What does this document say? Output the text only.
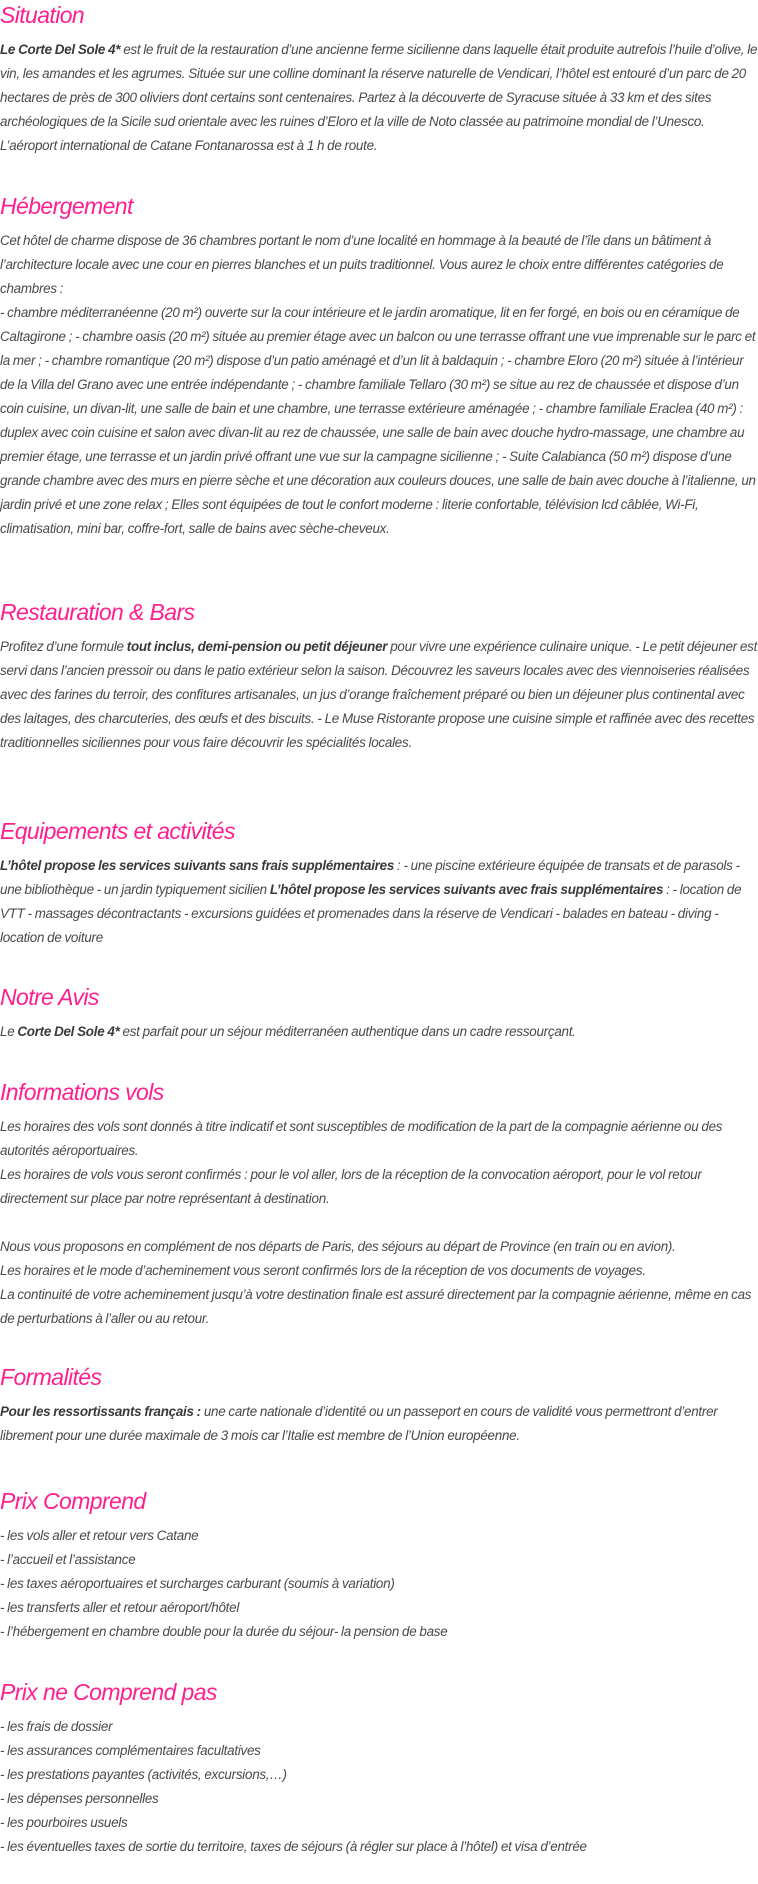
Situation
Le Corte Del Sole 4* est le fruit de la restauration d’une ancienne ferme sicilienne dans laquelle était produite autrefois l’huile d’olive, le vin, les amandes et les agrumes. Située sur une colline dominant la réserve naturelle de Vendicari, l’hôtel est entouré d’un parc de 20 hectares de près de 300 oliviers dont certains sont centenaires. Partez à la découverte de Syracuse située à 33 km et des sites archéologiques de la Sicile sud orientale avec les ruines d’Eloro et la ville de Noto classée au patrimoine mondial de l’Unesco. L’aéroport international de Catane Fontanarossa est à 1 h de route.
Hébergement

Cet hôtel de charme dispose de 36 chambres portant le nom d’une localité en hommage à la beauté de l’île dans un bâtiment à l’architecture locale avec une cour en pierres blanches et un puits traditionnel. Vous aurez le choix entre différentes catégories de chambres :

- chambre méditerranéenne (20 m²) ouverte sur la cour intérieure et le jardin aromatique, lit en fer forgé, en bois ou en céramique de Caltagirone ; - chambre oasis (20 m²) située au premier étage avec un balcon ou une terrasse offrant une vue imprenable sur le parc et la mer ; - chambre romantique (20 m²) dispose d’un patio aménagé et d’un lit à baldaquin ; - chambre Eloro (20 m²) située à l’intérieur de la Villa del Grano avec une entrée indépendante ; - chambre familiale Tellaro (30 m²) se situe au rez de chaussée et dispose d’un coin cuisine, un divan-lit, une salle de bain et une chambre, une terrasse extérieure aménagée ; - chambre familiale Eraclea (40 m²) : duplex avec coin cuisine et salon avec divan-lit au rez de chaussée, une salle de bain avec douche hydro-massage, une chambre au premier étage, une terrasse et un jardin privé offrant une vue sur la campagne sicilienne ; - Suite Calabianca (50 m²) dispose d’une grande chambre avec des murs en pierre sèche et une décoration aux couleurs douces, une salle de bain avec douche à l’italienne, un jardin privé et une zone relax ; Elles sont équipées de tout le confort moderne : literie confortable, télévision lcd câblée, Wi-Fi, climatisation, mini bar, coffre-fort, salle de bains avec sèche-cheveux.

Restauration & Bars
Profitez d’une formule tout inclus, demi-pension ou petit déjeuner pour vivre une expérience culinaire unique. - Le petit déjeuner est servi dans l’ancien pressoir ou dans le patio extérieur selon la saison. Découvrez les saveurs locales avec des viennoiseries réalisées avec des farines du terroir, des confitures artisanales, un jus d’orange fraîchement préparé ou bien un déjeuner plus continental avec des laitages, des charcuteries, des œufs et des biscuits. - Le Muse Ristorante propose une cuisine simple et raffinée avec des recettes traditionnelles siciliennes pour vous faire découvrir les spécialités locales.
Equipements et activités
L’hôtel propose les services suivants sans frais supplémentaires : - une piscine extérieure équipée de transats et de parasols - une bibliothèque - un jardin typiquement sicilien L’hôtel propose les services suivants avec frais supplémentaires : - location de VTT - massages décontractants - excursions guidées et promenades dans la réserve de Vendicari - balades en bateau - diving - location de voiture
Notre Avis
Le Corte Del Sole 4* est parfait pour un séjour méditerranéen authentique dans un cadre ressourçant.
Informations vols

Les horaires des vols sont donnés à titre indicatif et sont susceptibles de modification de la part de la compagnie aérienne ou des autorités aéroportuaires.

Les horaires de vols vous seront confirmés : pour le vol aller, lors de la réception de la convocation aéroport, pour le vol retour directement sur place par notre représentant à destination.

Nous vous proposons en complément de nos départs de Paris, des séjours au départ de Province (en train ou en avion).

Les horaires et le mode d’acheminement vous seront confirmés lors de la réception de vos documents de voyages.

La continuité de votre acheminement jusqu’à votre destination finale est assuré directement par la compagnie aérienne, même en cas de perturbations à l’aller ou au retour.

Formalités
Pour les ressortissants français : une carte nationale d’identité ou un passeport en cours de validité vous permettront d’entrer librement pour une durée maximale de 3 mois car l’Italie est membre de l’Union européenne.
Prix Comprend
- les vols aller et retour vers Catane
- l’accueil et l’assistance
- les taxes aéroportuaires et surcharges carburant (soumis à variation)
- les transferts aller et retour aéroport/hôtel
- l’hébergement en chambre double pour la durée du séjour- la pension de base
Prix ne Comprend pas
- les frais de dossier
- les assurances complémentaires facultatives
- les prestations payantes (activités, excursions,…)
- les dépenses personnelles
- les pourboires usuels
- les éventuelles taxes de sortie du territoire, taxes de séjours (à régler sur place à l’hôtel) et visa d’entrée
